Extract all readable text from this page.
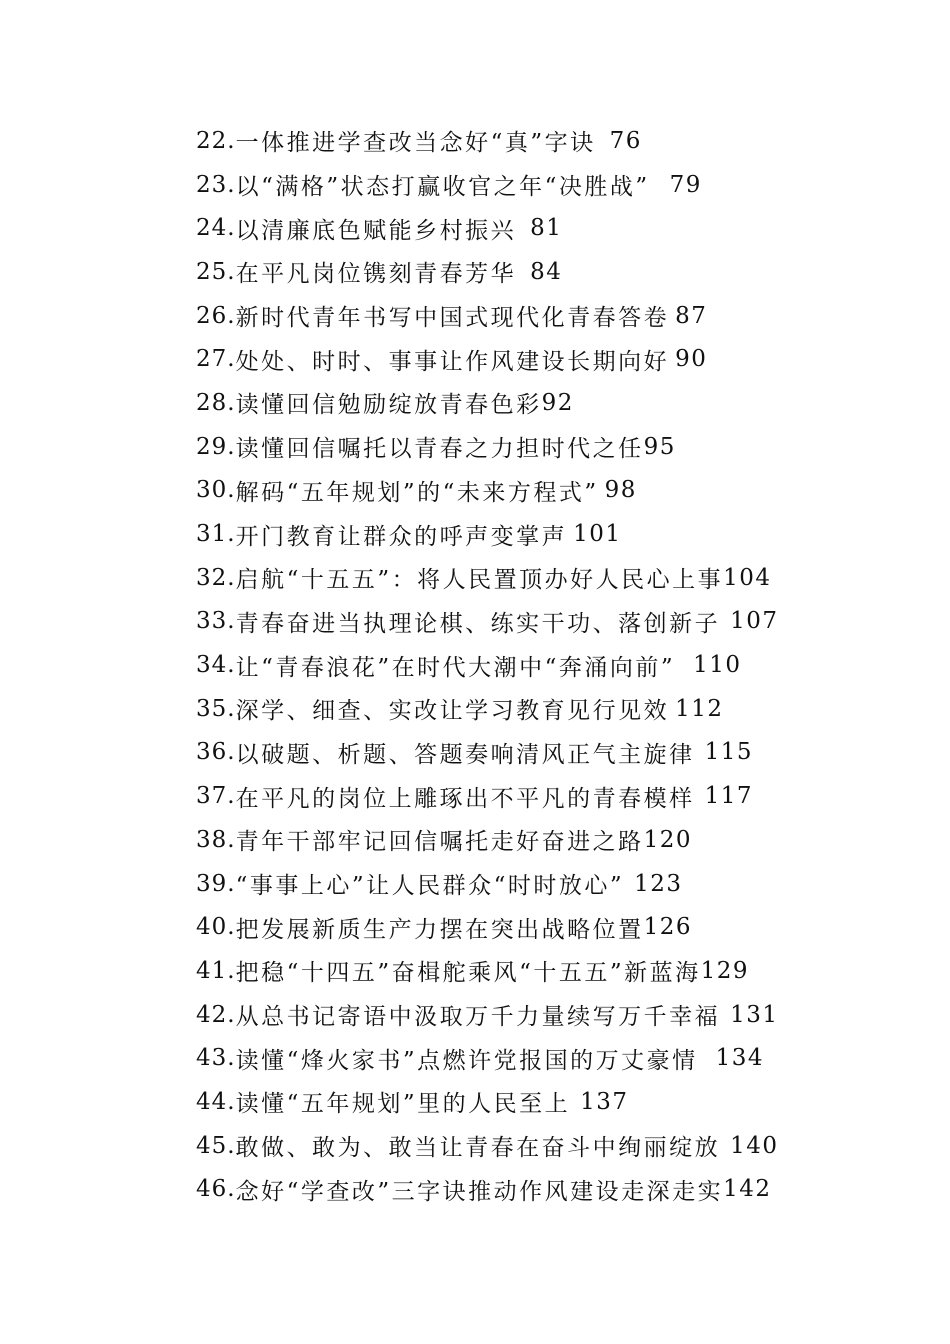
22. 一体推进学查改当念好“真”字诀 76
23. 以“满格”状态打赢收官之年“决胜战” 79
24. 以清廉底色赋能乡村振兴 81
25. 在平凡岗位镌刻青春芳华 84
26. 新时代青年书写中国式现代化青春答卷 87
27. 处处、时时、事事让作风建设长期向好 90
28. 读懂回信勉励绽放青春色彩 92
29. 读懂回信嘱托以青春之力担时代之任 95
30. 解码“五年规划”的“未来方程式” 98
31. 开门教育让群众的呼声变掌声 101
32. 启航“十五五”：将人民置顶办好人民心上事 104
33. 青春奋进当执理论棋、练实干功、落创新子 107
34. 让“青春浪花”在时代大潮中“奔涌向前” 110
35. 深学、细查、实改让学习教育见行见效 112
36. 以破题、析题、答题奏响清风正气主旋律 115
37. 在平凡的岗位上雕琢出不平凡的青春模样 117
38. 青年干部牢记回信嘱托走好奋进之路 120
39. “事事上心”让人民群众“时时放心” 123
40. 把发展新质生产力摆在突出战略位置 126
41. 把稳“十四五”奋楫舵乘风“十五五”新蓝海 129
42. 从总书记寄语中汲取万千力量续写万千幸福 131
43. 读懂“烽火家书”点燃许党报国的万丈豪情 134
44. 读懂“五年规划”里的人民至上 137
45. 敢做、敢为、敢当让青春在奋斗中绚丽绽放 140
46. 念好“学查改”三字诀推动作风建设走深走实 142
